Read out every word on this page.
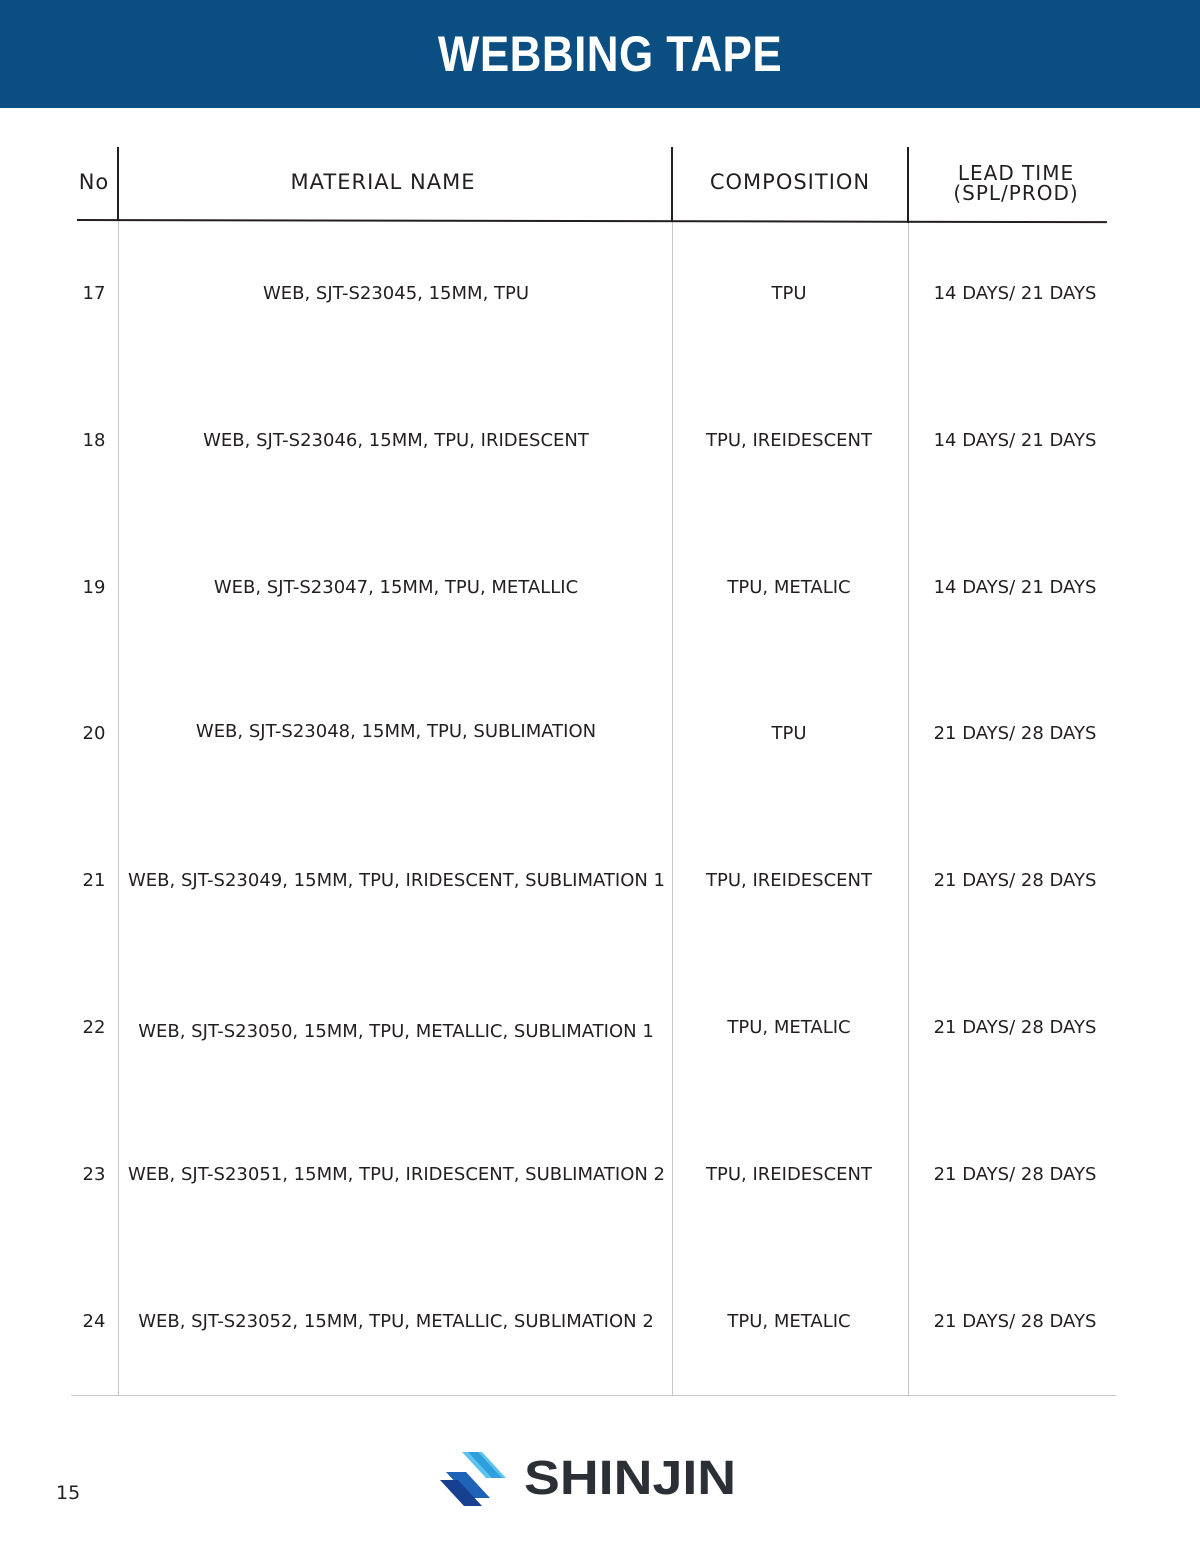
WEBBING TAPE
No	MATERIAL NAME	COMPOSITION	LEAD TIME
(SPL/PROD)
17	WEB, SJT-S23045, 15MM, TPU	TPU	14 DAYS/ 21 DAYS
18	WEB, SJT-S23046, 15MM, TPU, IRIDESCENT	TPU, IREIDESCENT	14 DAYS/ 21 DAYS
19	WEB, SJT-S23047, 15MM, TPU, METALLIC	TPU, METALIC	14 DAYS/ 21 DAYS
20	WEB, SJT-S23048, 15MM, TPU, SUBLIMATION	TPU	21 DAYS/ 28 DAYS
21	WEB, SJT-S23049, 15MM, TPU, IRIDESCENT, SUBLIMATION 1	TPU, IREIDESCENT	21 DAYS/ 28 DAYS
22	WEB, SJT-S23050, 15MM, TPU, METALLIC, SUBLIMATION 1	TPU, METALIC	21 DAYS/ 28 DAYS
23	WEB, SJT-S23051, 15MM, TPU, IRIDESCENT, SUBLIMATION 2	TPU, IREIDESCENT	21 DAYS/ 28 DAYS
24	WEB, SJT-S23052, 15MM, TPU, METALLIC, SUBLIMATION 2	TPU, METALIC	21 DAYS/ 28 DAYS
15	SHINJIN
